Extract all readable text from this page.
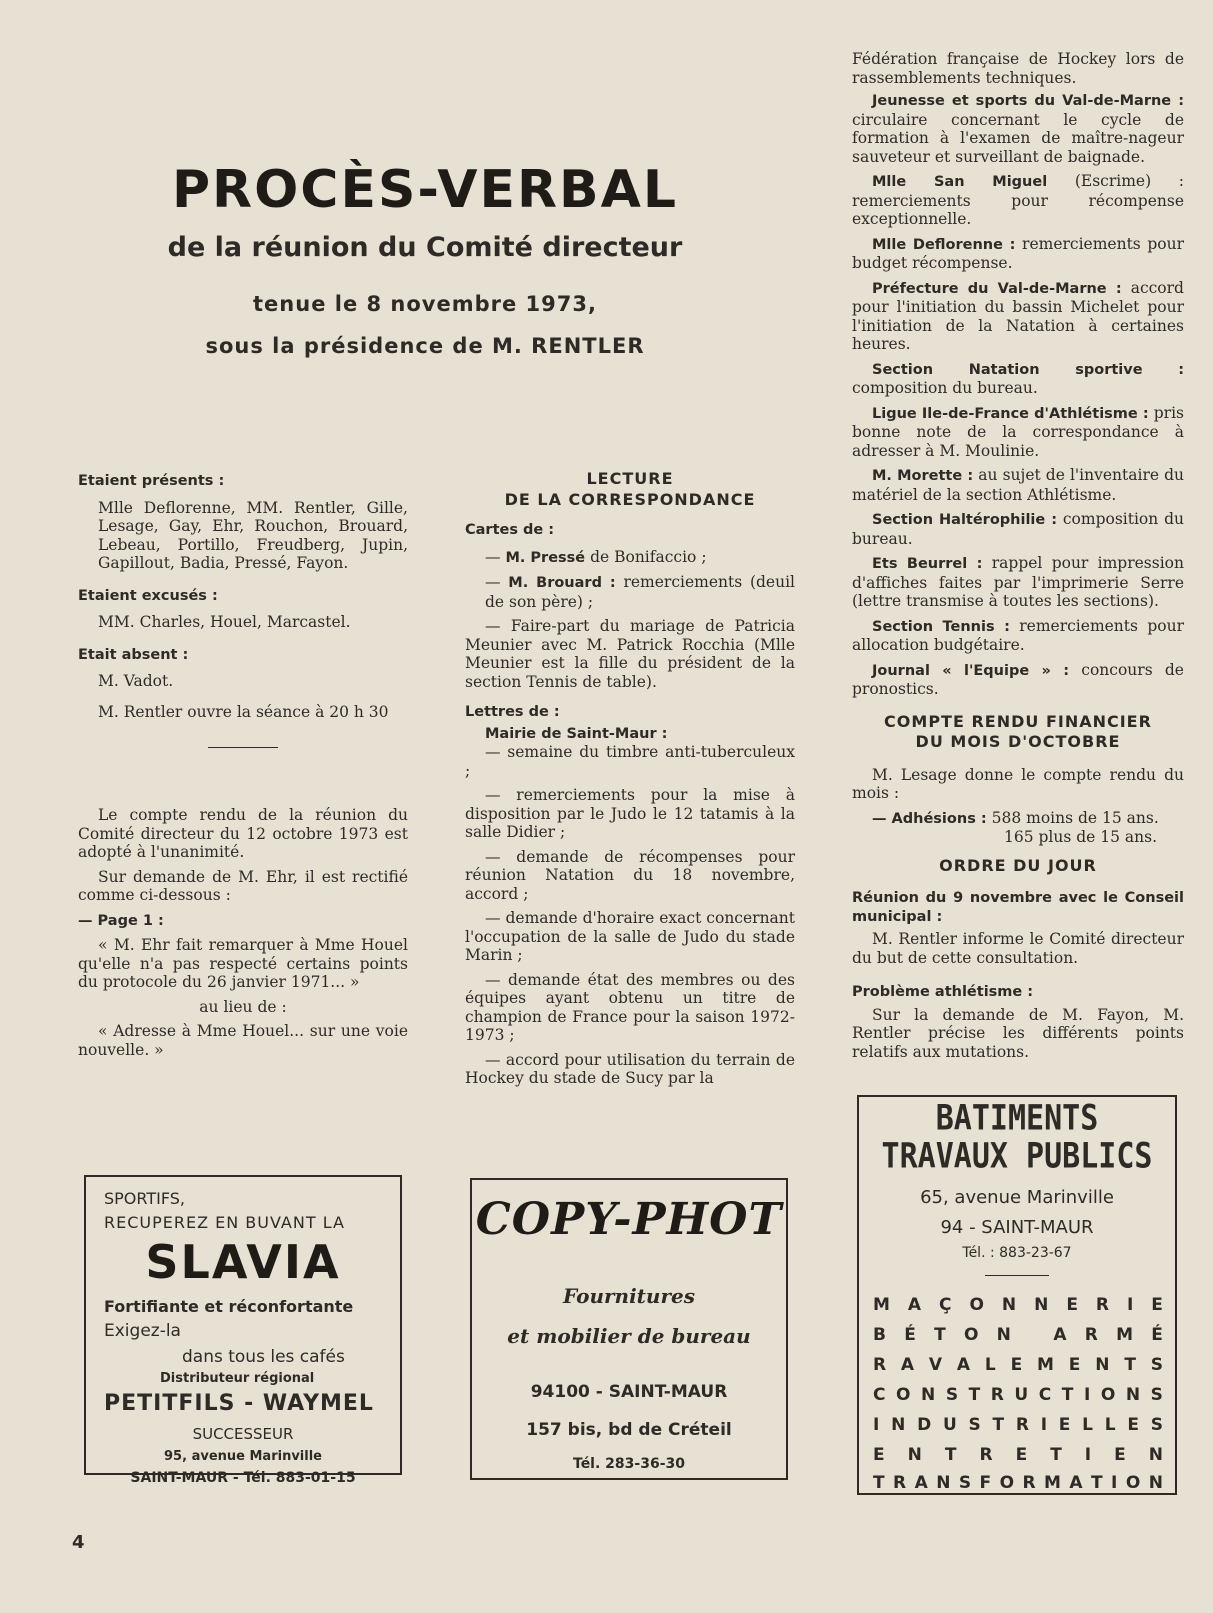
PROCÈS-VERBAL
de la réunion du Comité directeur
tenue le 8 novembre 1973,
sous la présidence de M. RENTLER

Etaient présents :

Mlle Deflorenne, MM. Rentler, Gille, Lesage, Gay, Ehr, Rouchon, Brouard, Lebeau, Portillo, Freudberg, Jupin, Gapillout, Badia, Pressé, Fayon.

Etaient excusés :

MM. Charles, Houel, Marcastel.

Etait absent :

M. Vadot.

M. Rentler ouvre la séance à 20 h 30

Le compte rendu de la réunion du Comité directeur du 12 octobre 1973 est adopté à l'unanimité.

Sur demande de M. Ehr, il est rectifié comme ci-dessous :

— Page 1 :

« M. Ehr fait remarquer à Mme Houel qu'elle n'a pas respecté certains points du protocole du 26 janvier 1971... »

au lieu de :

« Adresse à Mme Houel... sur une voie nouvelle. »

LECTURE

DE LA CORRESPONDANCE

Cartes de :

— M. Pressé de Bonifaccio ;

— M. Brouard : remerciements (deuil de son père) ;

— Faire-part du mariage de Patricia Meunier avec M. Patrick Rocchia (Mlle Meunier est la fille du président de la section Tennis de table).

Lettres de :

Mairie de Saint-Maur :

— semaine du timbre anti-tuberculeux ;

— remerciements pour la mise à disposition par le Judo le 12 tatamis à la salle Didier ;

— demande de récompenses pour réunion Natation du 18 novembre, accord ;

— demande d'horaire exact concernant l'occupation de la salle de Judo du stade Marin ;

— demande état des membres ou des équipes ayant obtenu un titre de champion de France pour la saison 1972-1973 ;

— accord pour utilisation du terrain de Hockey du stade de Sucy par la

Fédération française de Hockey lors de rassemblements techniques.

Jeunesse et sports du Val-de-Marne : circulaire concernant le cycle de formation à l'examen de maître-nageur sauveteur et surveillant de baignade.

Mlle San Miguel (Escrime) : remerciements pour récompense exceptionnelle.

Mlle Deflorenne : remerciements pour budget récompense.

Préfecture du Val-de-Marne : accord pour l'initiation du bassin Michelet pour l'initiation de la Natation à certaines heures.

Section Natation sportive : composition du bureau.

Ligue Ile-de-France d'Athlétisme : pris bonne note de la correspondance à adresser à M. Moulinie.

M. Morette : au sujet de l'inventaire du matériel de la section Athlétisme.

Section Haltérophilie : composition du bureau.

Ets Beurrel : rappel pour impression d'affiches faites par l'imprimerie Serre (lettre transmise à toutes les sections).

Section Tennis : remerciements pour allocation budgétaire.

Journal « l'Equipe » : concours de pronostics.

COMPTE RENDU FINANCIER

DU MOIS D'OCTOBRE

M. Lesage donne le compte rendu du mois :

— Adhésions : 588 moins de 15 ans.

165 plus de 15 ans.

ORDRE DU JOUR

Réunion du 9 novembre avec le Conseil municipal :

M. Rentler informe le Comité directeur du but de cette consultation.

Problème athlétisme :

Sur la demande de M. Fayon, M. Rentler précise les différents points relatifs aux mutations.

SPORTIFS,
RECUPEREZ EN BUVANT LA
SLAVIA
Fortifiante et réconfortante
Exigez-la
dans tous les cafés
Distributeur régional
PETITFILS - WAYMEL
SUCCESSEUR
95, avenue Marinville
SAINT-MAUR - Tél. 883-01-15
COPY-PHOT
Fournitures
et mobilier de bureau
94100 - SAINT-MAUR
157 bis, bd de Créteil
Tél. 283-36-30
BATIMENTS
TRAVAUX PUBLICS
65, avenue Marinville
94 - SAINT-MAUR
Tél. : 883-23-67
M A Ç O N N E R I E
B É T O N
A R M É
R A V A L E M E N T S
C O N S T R U C T I O N S
I N D U S T R I E L L E S
E N T R E T I E N
T R A N S F O R M A T I O N
4
